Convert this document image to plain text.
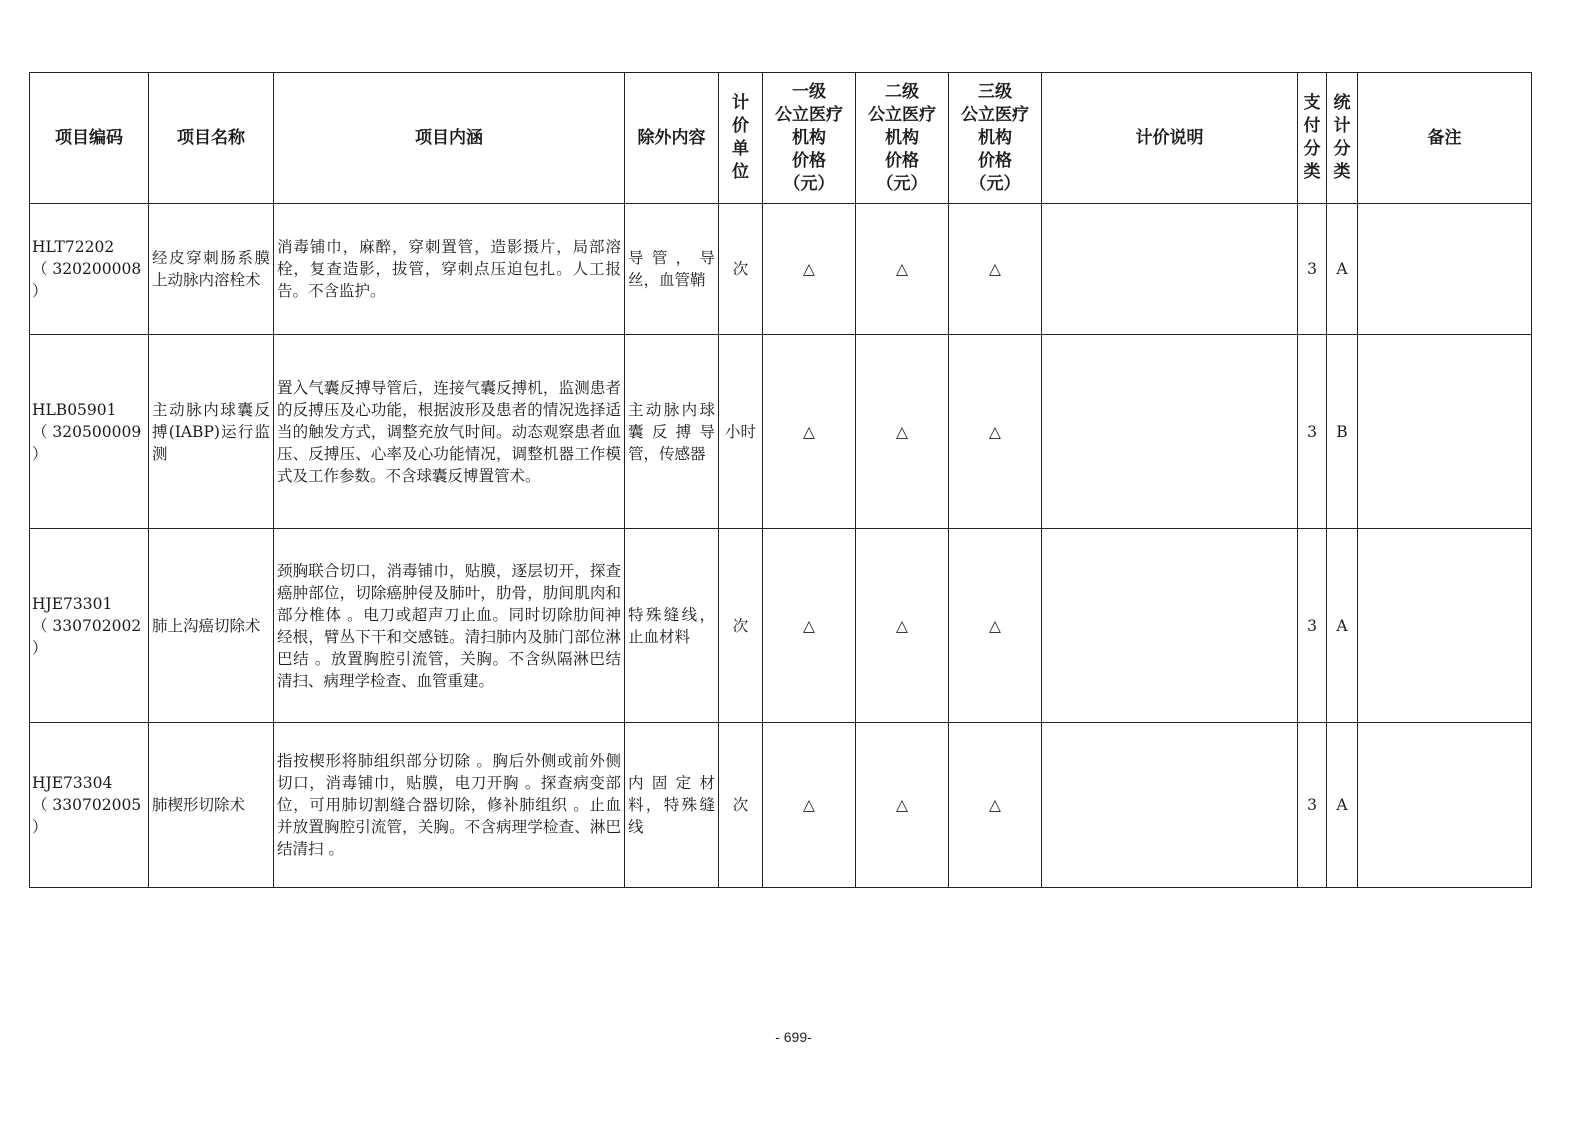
项目编码	项目名称	项目内涵	除外内容	计
价
单
位	一级
公立医疗
机构
价格
（元）	二级
公立医疗
机构
价格
（元）	三级
公立医疗
机构
价格
（元）	计价说明	支
付
分
类	统
计
分
类	备注
HLT72202
（ 320200008
）	经皮穿刺肠系膜上动脉内溶栓术	消毒铺巾，麻醉，穿刺置管，造影摄片，局部溶栓，复查造影，拔管，穿刺点压迫包扎。人工报告。不含监护。	导管，导丝，血管鞘	次	△	△	△		3	A	
HLB05901
（ 320500009
）	主动脉内球囊反搏(IABP)运行监测	置入气囊反搏导管后，连接气囊反搏机，监测患者的反搏压及心功能，根据波形及患者的情况选择适当的触发方式，调整充放气时间。动态观察患者血压、反搏压、心率及心功能情况，调整机器工作模式及工作参数。不含球囊反博置管术。	主动脉内球囊反搏导管，传感器	小时	△	△	△		3	B	
HJE73301
（ 330702002
）	肺上沟癌切除术	颈胸联合切口，消毒铺巾，贴膜，逐层切开，探查癌肿部位，切除癌肿侵及肺叶，肋骨，肋间肌肉和部分椎体 。电刀或超声刀止血。同时切除肋间神经根，臂丛下干和交感链。清扫肺内及肺门部位淋巴结 。放置胸腔引流管，关胸。不含纵隔淋巴结清扫、病理学检查、血管重建。	特殊缝线，止血材料	次	△	△	△		3	A	
HJE73304
（ 330702005
）	肺楔形切除术	指按楔形将肺组织部分切除 。胸后外侧或前外侧切口，消毒铺巾，贴膜，电刀开胸 。探查病变部位，可用肺切割缝合器切除，修补肺组织 。止血并放置胸腔引流管，关胸。不含病理学检查、淋巴结清扫 。	内固定材料，特殊缝线	次	△	△	△		3	A	
- 699-
